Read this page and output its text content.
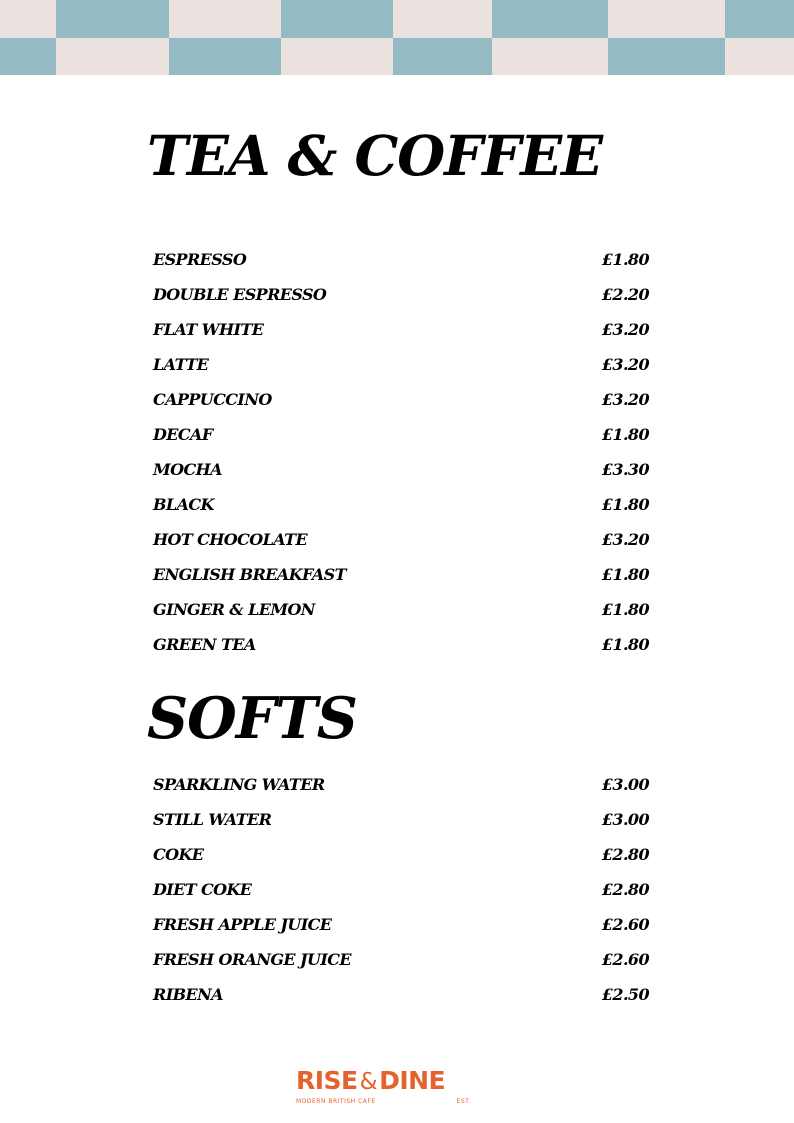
TEA & COFFEE
ESPRESSO	£1.80
DOUBLE ESPRESSO	£2.20
FLAT WHITE	£3.20
LATTE	£3.20
CAPPUCCINO	£3.20
DECAF	£1.80
MOCHA	£3.30
BLACK	£1.80
HOT CHOCOLATE	£3.20
ENGLISH BREAKFAST	£1.80
GINGER & LEMON	£1.80
GREEN TEA	£1.80
SOFTS
SPARKLING WATER	£3.00
STILL WATER	£3.00
COKE	£2.80
DIET COKE	£2.80
FRESH APPLE JUICE	£2.60
FRESH ORANGE JUICE	£2.60
RIBENA	£2.50
RISE&DINE
MODERN BRITISH CAFE	EST.
